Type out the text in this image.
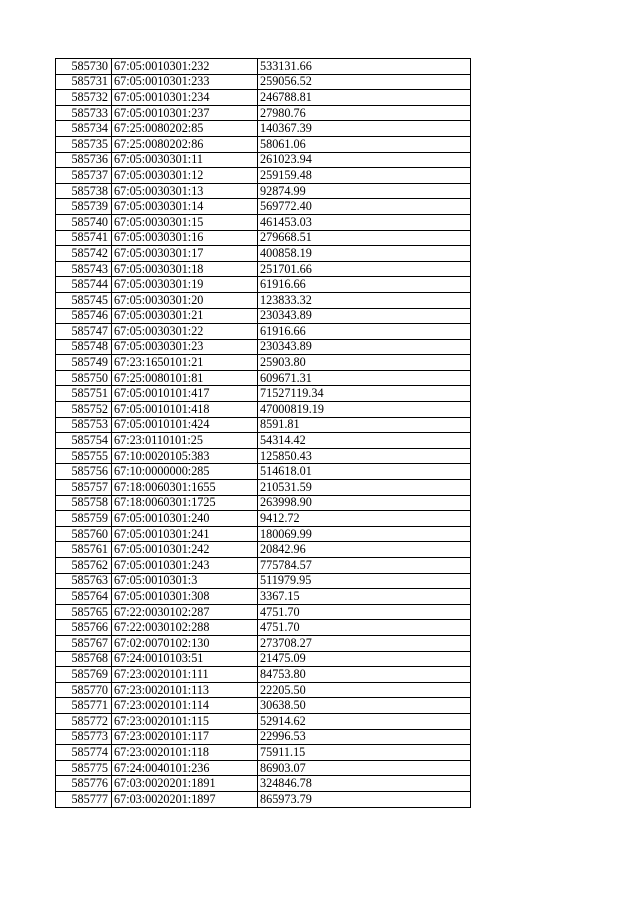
585730	67:05:0010301:232	533131.66
585731	67:05:0010301:233	259056.52
585732	67:05:0010301:234	246788.81
585733	67:05:0010301:237	27980.76
585734	67:25:0080202:85	140367.39
585735	67:25:0080202:86	58061.06
585736	67:05:0030301:11	261023.94
585737	67:05:0030301:12	259159.48
585738	67:05:0030301:13	92874.99
585739	67:05:0030301:14	569772.40
585740	67:05:0030301:15	461453.03
585741	67:05:0030301:16	279668.51
585742	67:05:0030301:17	400858.19
585743	67:05:0030301:18	251701.66
585744	67:05:0030301:19	61916.66
585745	67:05:0030301:20	123833.32
585746	67:05:0030301:21	230343.89
585747	67:05:0030301:22	61916.66
585748	67:05:0030301:23	230343.89
585749	67:23:1650101:21	25903.80
585750	67:25:0080101:81	609671.31
585751	67:05:0010101:417	71527119.34
585752	67:05:0010101:418	47000819.19
585753	67:05:0010101:424	8591.81
585754	67:23:0110101:25	54314.42
585755	67:10:0020105:383	125850.43
585756	67:10:0000000:285	514618.01
585757	67:18:0060301:1655	210531.59
585758	67:18:0060301:1725	263998.90
585759	67:05:0010301:240	9412.72
585760	67:05:0010301:241	180069.99
585761	67:05:0010301:242	20842.96
585762	67:05:0010301:243	775784.57
585763	67:05:0010301:3	511979.95
585764	67:05:0010301:308	3367.15
585765	67:22:0030102:287	4751.70
585766	67:22:0030102:288	4751.70
585767	67:02:0070102:130	273708.27
585768	67:24:0010103:51	21475.09
585769	67:23:0020101:111	84753.80
585770	67:23:0020101:113	22205.50
585771	67:23:0020101:114	30638.50
585772	67:23:0020101:115	52914.62
585773	67:23:0020101:117	22996.53
585774	67:23:0020101:118	75911.15
585775	67:24:0040101:236	86903.07
585776	67:03:0020201:1891	324846.78
585777	67:03:0020201:1897	865973.79
